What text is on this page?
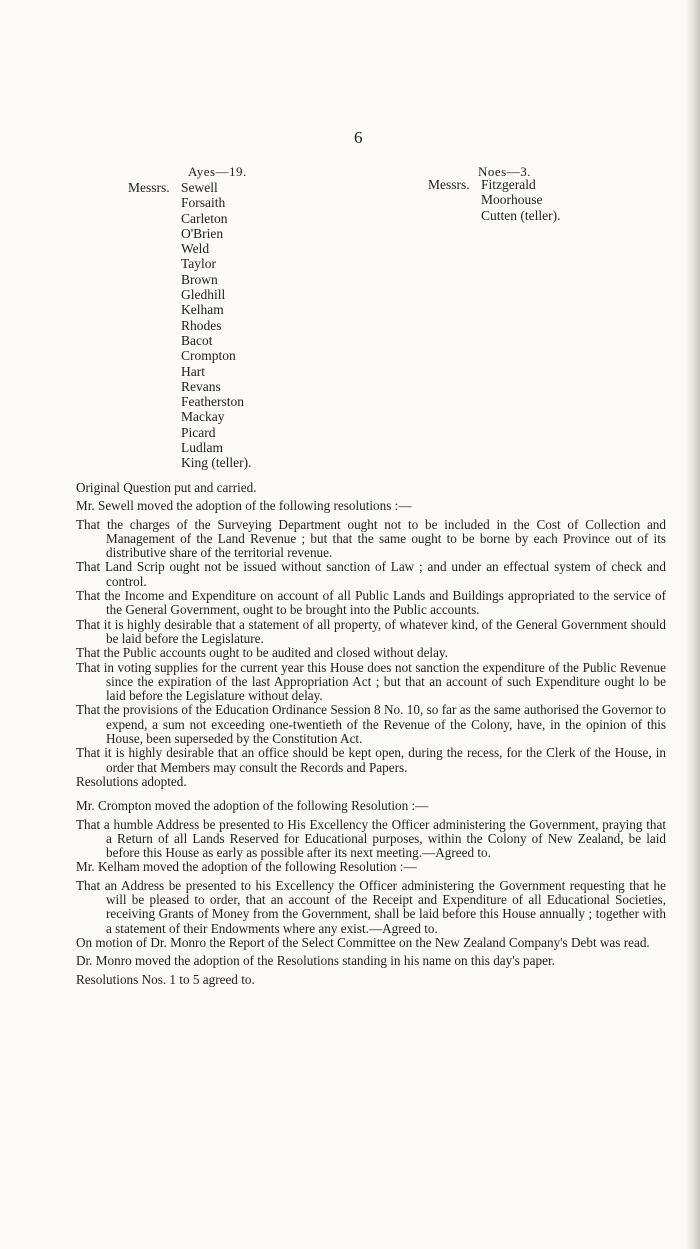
6
Ayes—19.
Messrs. Sewell
Forsaith
Carleton
O'Brien
Weld
Taylor
Brown
Gledhill
Kelham
Rhodes
Bacot
Crompton
Hart
Revans
Featherston
Mackay
Picard
Ludlam
King (teller).
Noes—3.
Messrs. Fitzgerald
Moorhouse
Cutten (teller).

Original Question put and carried.

Mr. Sewell moved the adoption of the following resolutions :—

That the charges of the Surveying Department ought not to be included in the Cost of Collection and Management of the Land Revenue ; but that the same ought to be borne by each Province out of its distributive share of the territorial revenue.

That Land Scrip ought not be issued without sanction of Law ; and under an effectual system of check and control.

That the Income and Expenditure on account of all Public Lands and Buildings appropriated to the service of the General Government, ought to be brought into the Public accounts.

That it is highly desirable that a statement of all property, of whatever kind, of the General Government should be laid before the Legislature.

That the Public accounts ought to be audited and closed without delay.

That in voting supplies for the current year this House does not sanction the expenditure of the Public Revenue since the expiration of the last Appropriation Act ; but that an account of such Expenditure ought lo be laid before the Legislature without delay.

That the provisions of the Education Ordinance Session 8 No. 10, so far as the same authorised the Governor to expend, a sum not exceeding one-twentieth of the Revenue of the Colony, have, in the opinion of this House, been superseded by the Constitution Act.

That it is highly desirable that an office should be kept open, during the recess, for the Clerk of the House, in order that Members may consult the Records and Papers.

Resolutions adopted.

Mr. Crompton moved the adoption of the following Resolution :—

That a humble Address be presented to His Excellency the Officer administering the Government, praying that a Return of all Lands Reserved for Educational purposes, within the Colony of New Zealand, be laid before this House as early as possible after its next meeting.—Agreed to.

Mr. Kelham moved the adoption of the following Resolution :—

That an Address be presented to his Excellency the Officer administering the Government requesting that he will be pleased to order, that an account of the Receipt and Expenditure of all Educational Societies, receiving Grants of Money from the Government, shall be laid before this House annually ; together with a statement of their Endowments where any exist.—Agreed to.

On motion of Dr. Monro the Report of the Select Committee on the New Zealand Company's Debt was read.

Dr. Monro moved the adoption of the Resolutions standing in his name on this day's paper.

Resolutions Nos. 1 to 5 agreed to.
